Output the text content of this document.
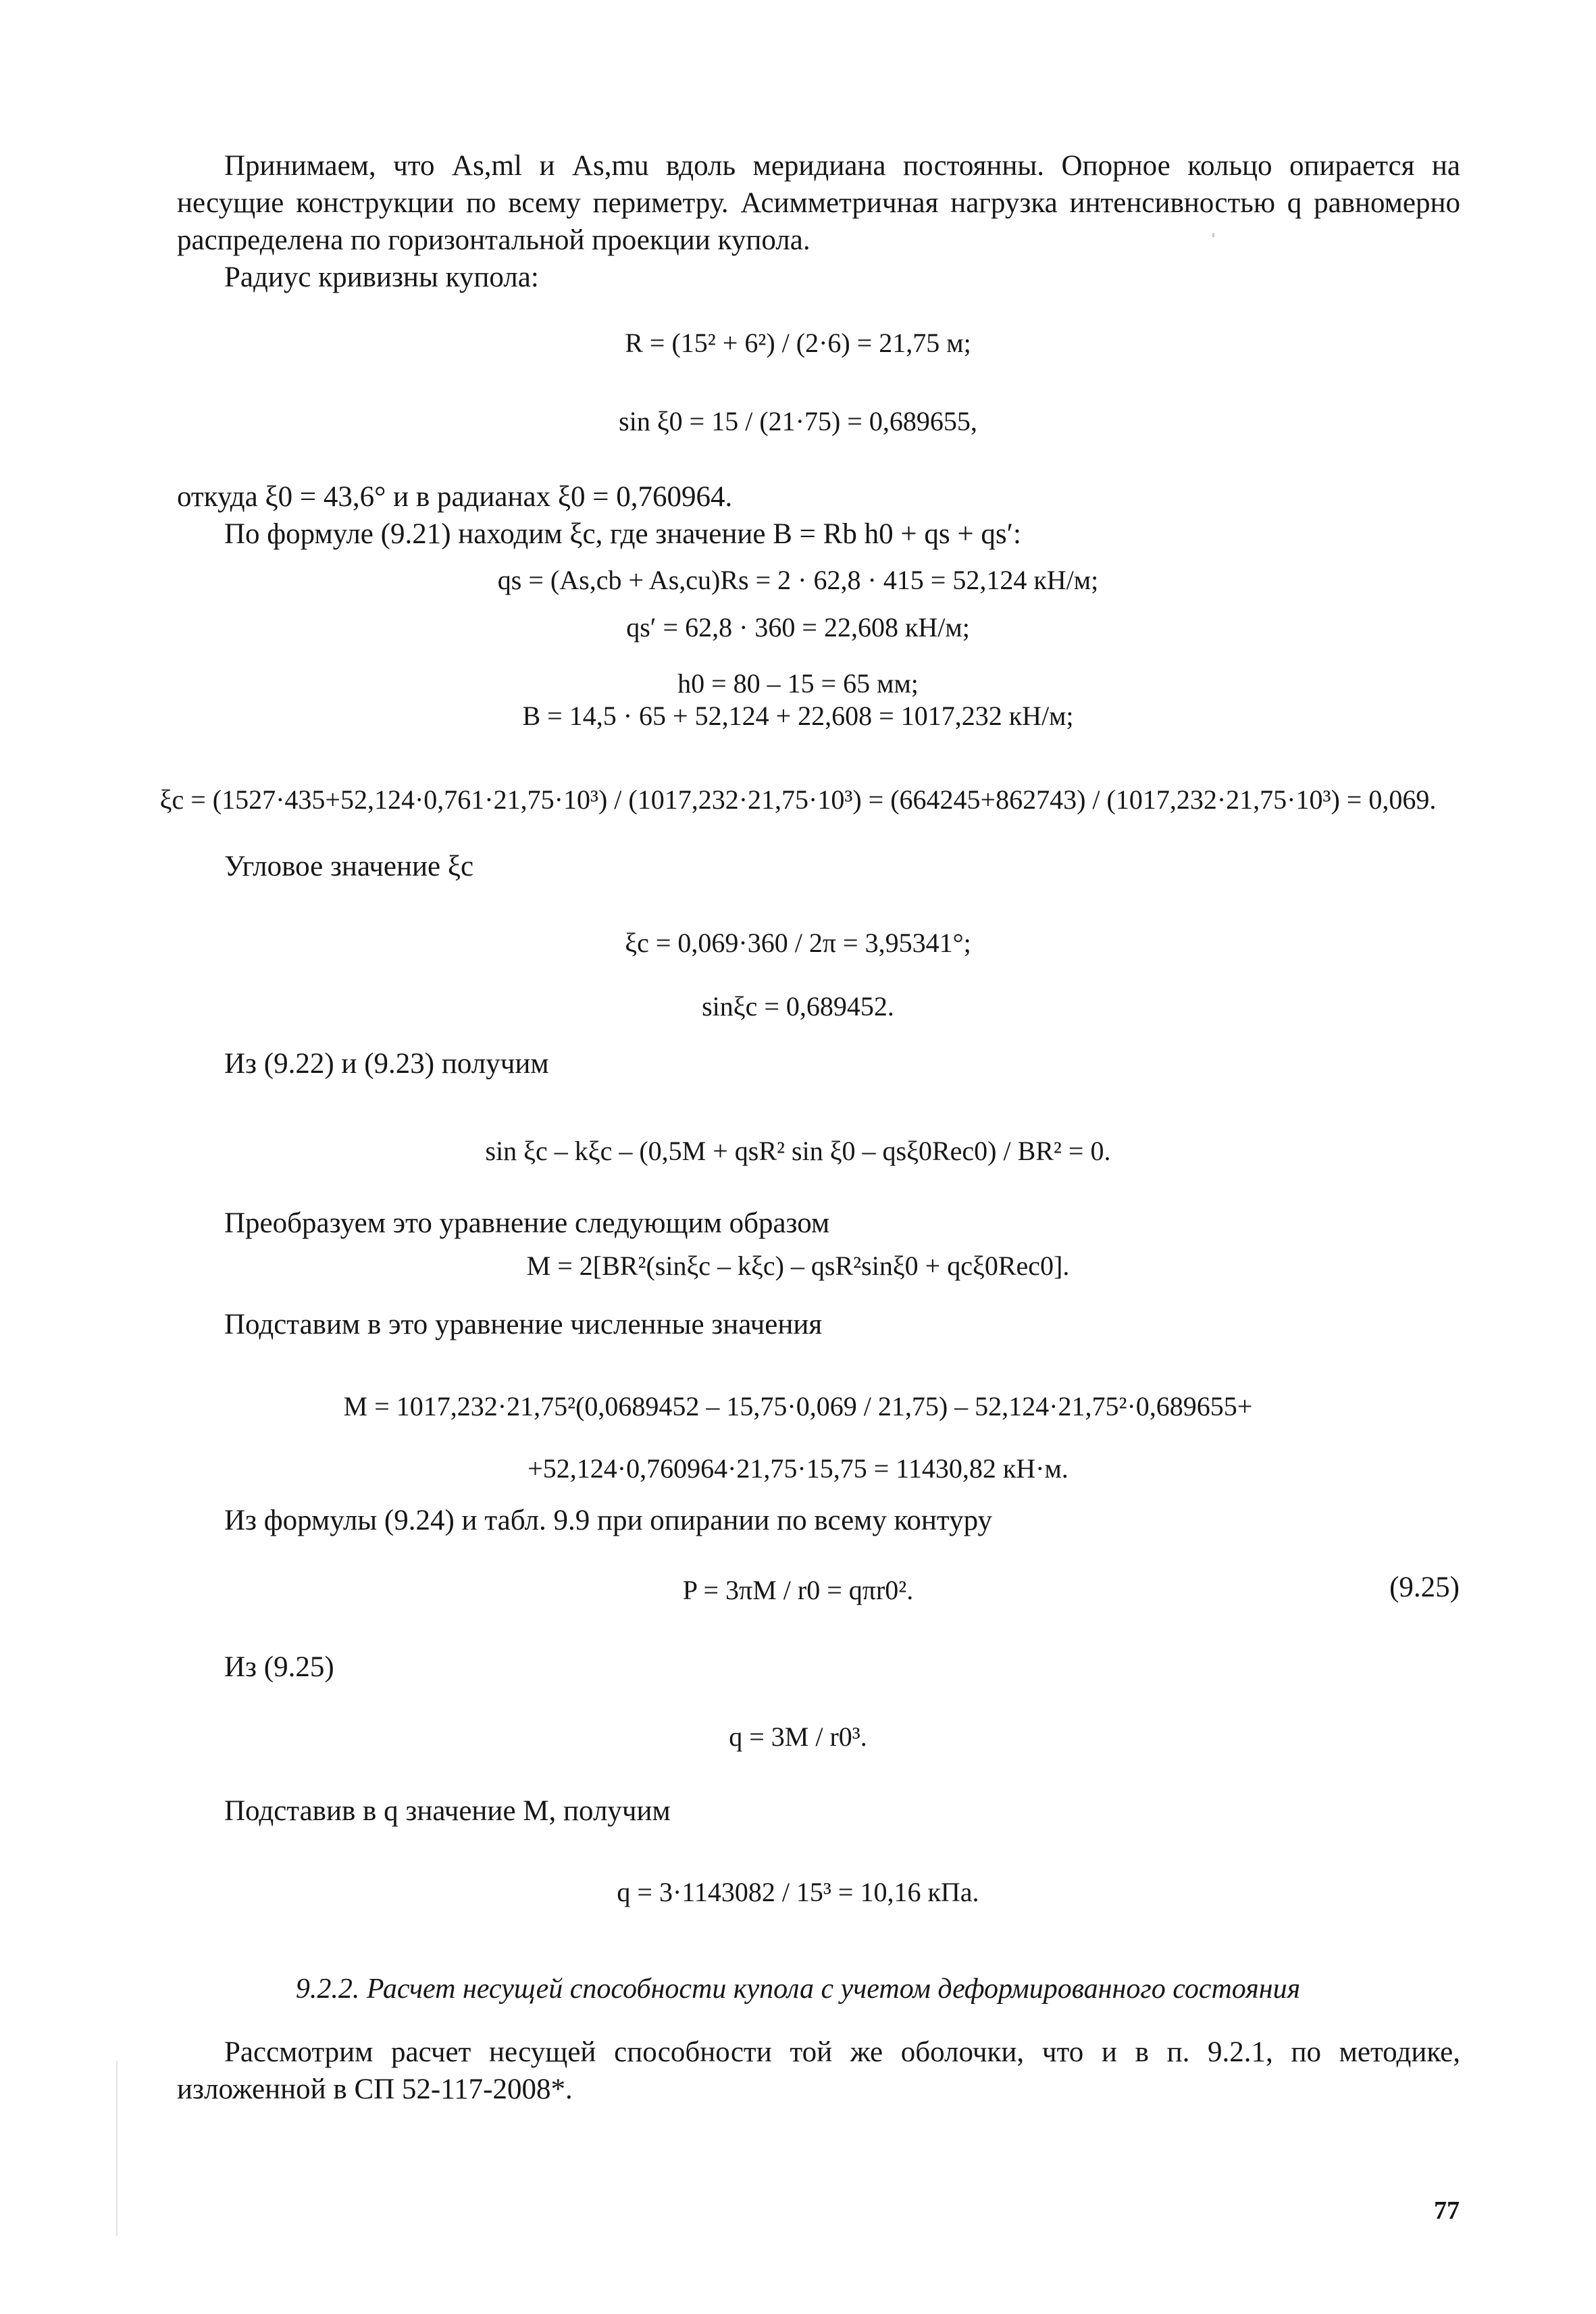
Принимаем, что As,ml и As,mu вдоль меридиана постоянны. Опорное кольцо опирается на несущие конструкции по всему периметру. Асимметричная нагрузка интенсивностью q равномерно распределена по горизонтальной проекции купола.
Радиус кривизны купола:
R = (15² + 6²) / (2·6) = 21,75 м;
sin ξ0 = 15 / (21·75) = 0,689655,
откуда ξ0 = 43,6° и в радианах ξ0 = 0,760964.
По формуле (9.21) находим ξc, где значение B = Rb h0 + qs + qs′:
qs = (As,cb + As,cu)Rs = 2 · 62,8 · 415 = 52,124 кН/м;
qs′ = 62,8 · 360 = 22,608 кН/м;
h0 = 80 – 15 = 65 мм;
B = 14,5 · 65 + 52,124 + 22,608 = 1017,232 кН/м;
ξc = (1527·435+52,124·0,761·21,75·10³) / (1017,232·21,75·10³) = (664245+862743) / (1017,232·21,75·10³) = 0,069.
Угловое значение ξc
ξc = 0,069·360 / 2π = 3,95341°;
sinξc = 0,689452.
Из (9.22) и (9.23) получим
sin ξc – kξc – (0,5M + qsR² sin ξ0 – qsξ0Rec0) / BR² = 0.
Преобразуем это уравнение следующим образом
M = 2[BR²(sinξc – kξc) – qsR²sinξ0 + qcξ0Rec0].
Подставим в это уравнение численные значения
M = 1017,232·21,75²(0,0689452 – 15,75·0,069 / 21,75) – 52,124·21,75²·0,689655+
+52,124·0,760964·21,75·15,75 = 11430,82 кН·м.
Из формулы (9.24) и табл. 9.9 при опирании по всему контуру
P = 3πM / r0 = qπr0².	(9.25)
Из (9.25)
q = 3M / r0³.
Подставив в q значение M, получим
q = 3·1143082 / 15³ = 10,16 кПа.
9.2.2. Расчет несущей способности купола с учетом деформированного состояния
Рассмотрим расчет несущей способности той же оболочки, что и в п. 9.2.1, по методике, изложенной в СП 52-117-2008*.
77
